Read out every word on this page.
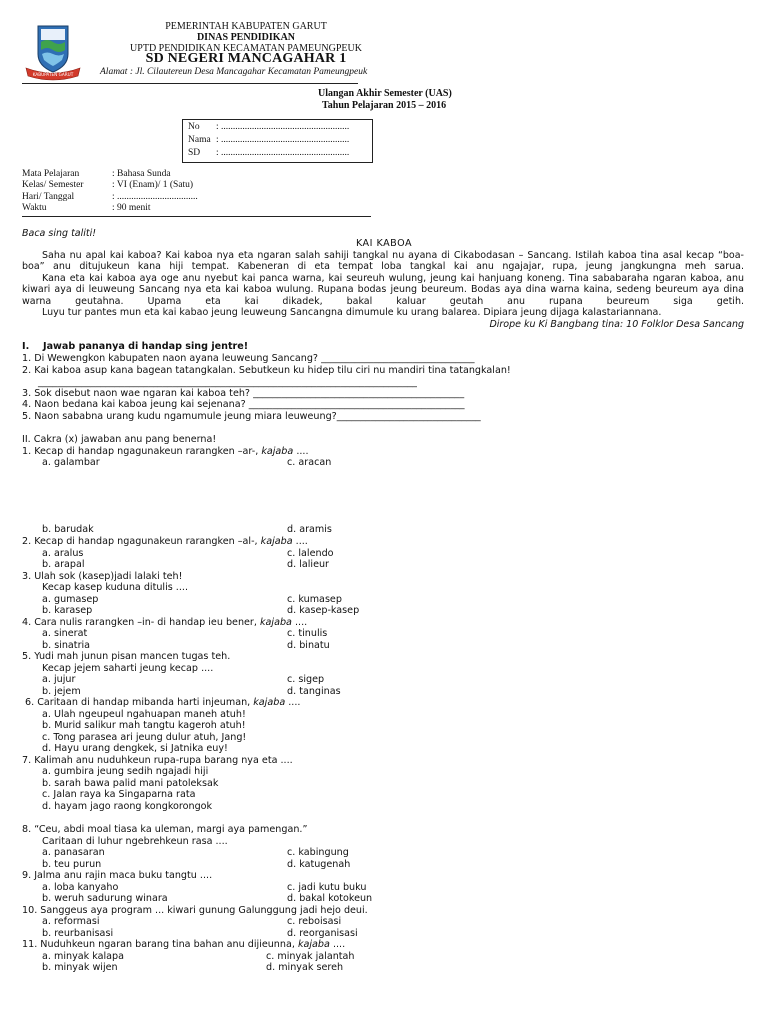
KABUPATEN GARUT
PEMERINTAH KABUPATEN GARUT
DINAS PENDIDIKAN
UPTD PENDIDIKAN KECAMATAN PAMEUNGPEUK
SD NEGERI MANCAGAHAR 1
Alamat : Jl. Cilautereun Desa Mancagahar Kecamatan Pameungpeuk
Ulangan Akhir Semester (UAS)
Tahun Pelajaran 2015 – 2016
No : ......................................................
Nama : ......................................................
SD : ......................................................
Mata Pelajaran	: Bahasa Sunda
Kelas/ Semester	: VI (Enam)/ 1 (Satu)
Hari/ Tanggal	: ..................................
Waktu	: 90 menit
Baca sing taliti!
KAI KABOA
Saha nu apal kai kaboa? Kai kaboa nya eta ngaran salah sahiji tangkal nu ayana di Cikabodasan – Sancang. Istilah kaboa tina asal kecap “boa-boa” anu ditujukeun kana hiji tempat. Kabeneran di eta tempat loba tangkal kai anu ngajajar, rupa, jeung jangkungna meh sarua.
Kana eta kai kaboa aya oge anu nyebut kai panca warna, kai seureuh wulung, jeung kai hanjuang koneng. Tina sababaraha ngaran kaboa, anu kiwari aya di leuweung Sancang nya eta kai kaboa wulung. Rupana bodas jeung beureum. Bodas aya dina warna kaina, sedeng beureum aya dina warna geutahna. Upama eta kai dikadek, bakal kaluar geutah anu rupana beureum siga getih.
Luyu tur pantes mun eta kai kabao jeung leuweung Sancangna dimumule ku urang balarea. Dipiara jeung dijaga kalastariannana.
Dirope ku Ki Bangbang tina: 10 Folklor Desa Sancang
I. Jawab pananya di handap sing jentre!
1. Di Wewengkon kabupaten naon ayana leuweung Sancang? ________________________________
2. Kai kaboa asup kana bagean tatangkalan. Sebutkeun ku hidep tilu ciri nu mandiri tina tatangkalan!
_______________________________________________________________________________
3. Sok disebut naon wae ngaran kai kaboa teh? ____________________________________________
4. Naon bedana kai kaboa jeung kai sejenana? _____________________________________________
5. Naon sababna urang kudu ngamumule jeung miara leuweung?______________________________
II. Cakra (x) jawaban anu pang benerna!
1. Kecap di handap ngagunakeun rarangken –ar-, kajaba ....
a. galambar	c. aracan
b. barudak	d. aramis
2. Kecap di handap ngagunakeun rarangken –al-, kajaba ....
a. aralus	c. lalendo
b. arapal	d. lalieur
3. Ulah sok (kasep)jadi lalaki teh!
Kecap kasep kuduna ditulis ....
a. gumasep	c. kumasep
b. karasep	d. kasep-kasep
4. Cara nulis rarangken –in- di handap ieu bener, kajaba ....
a. sinerat	c. tinulis
b. sinatria	d. binatu
5. Yudi mah junun pisan mancen tugas teh.
Kecap jejem saharti jeung kecap ....
a. jujur	c. sigep
b. jejem	d. tanginas
6. Caritaan di handap mibanda harti injeuman, kajaba ....
a. Ulah ngeupeul ngahuapan maneh atuh!
b. Murid salikur mah tangtu kageroh atuh!
c. Tong parasea ari jeung dulur atuh, Jang!
d. Hayu urang dengkek, si Jatnika euy!
7. Kalimah anu nuduhkeun rupa-rupa barang nya eta ....
a. gumbira jeung sedih ngajadi hiji
b. sarah bawa palid mani patoleksak
c. Jalan raya ka Singaparna rata
d. hayam jago raong kongkorongok
8. “Ceu, abdi moal tiasa ka uleman, margi aya pamengan.”
Caritaan di luhur ngebrehkeun rasa ....
a. panasaran	c. kabingung
b. teu purun	d. katugenah
9. Jalma anu rajin maca buku tangtu ....
a. loba kanyaho	c. jadi kutu buku
b. weruh sadurung winara	d. bakal kotokeun
10. Sanggeus aya program ... kiwari gunung Galunggung jadi hejo deui.
a. reformasi	c. reboisasi
b. reurbanisasi	d. reorganisasi
11. Nuduhkeun ngaran barang tina bahan anu dijieunna, kajaba ....
a. minyak kalapa	c. minyak jalantah
b. minyak wijen	d. minyak sereh
